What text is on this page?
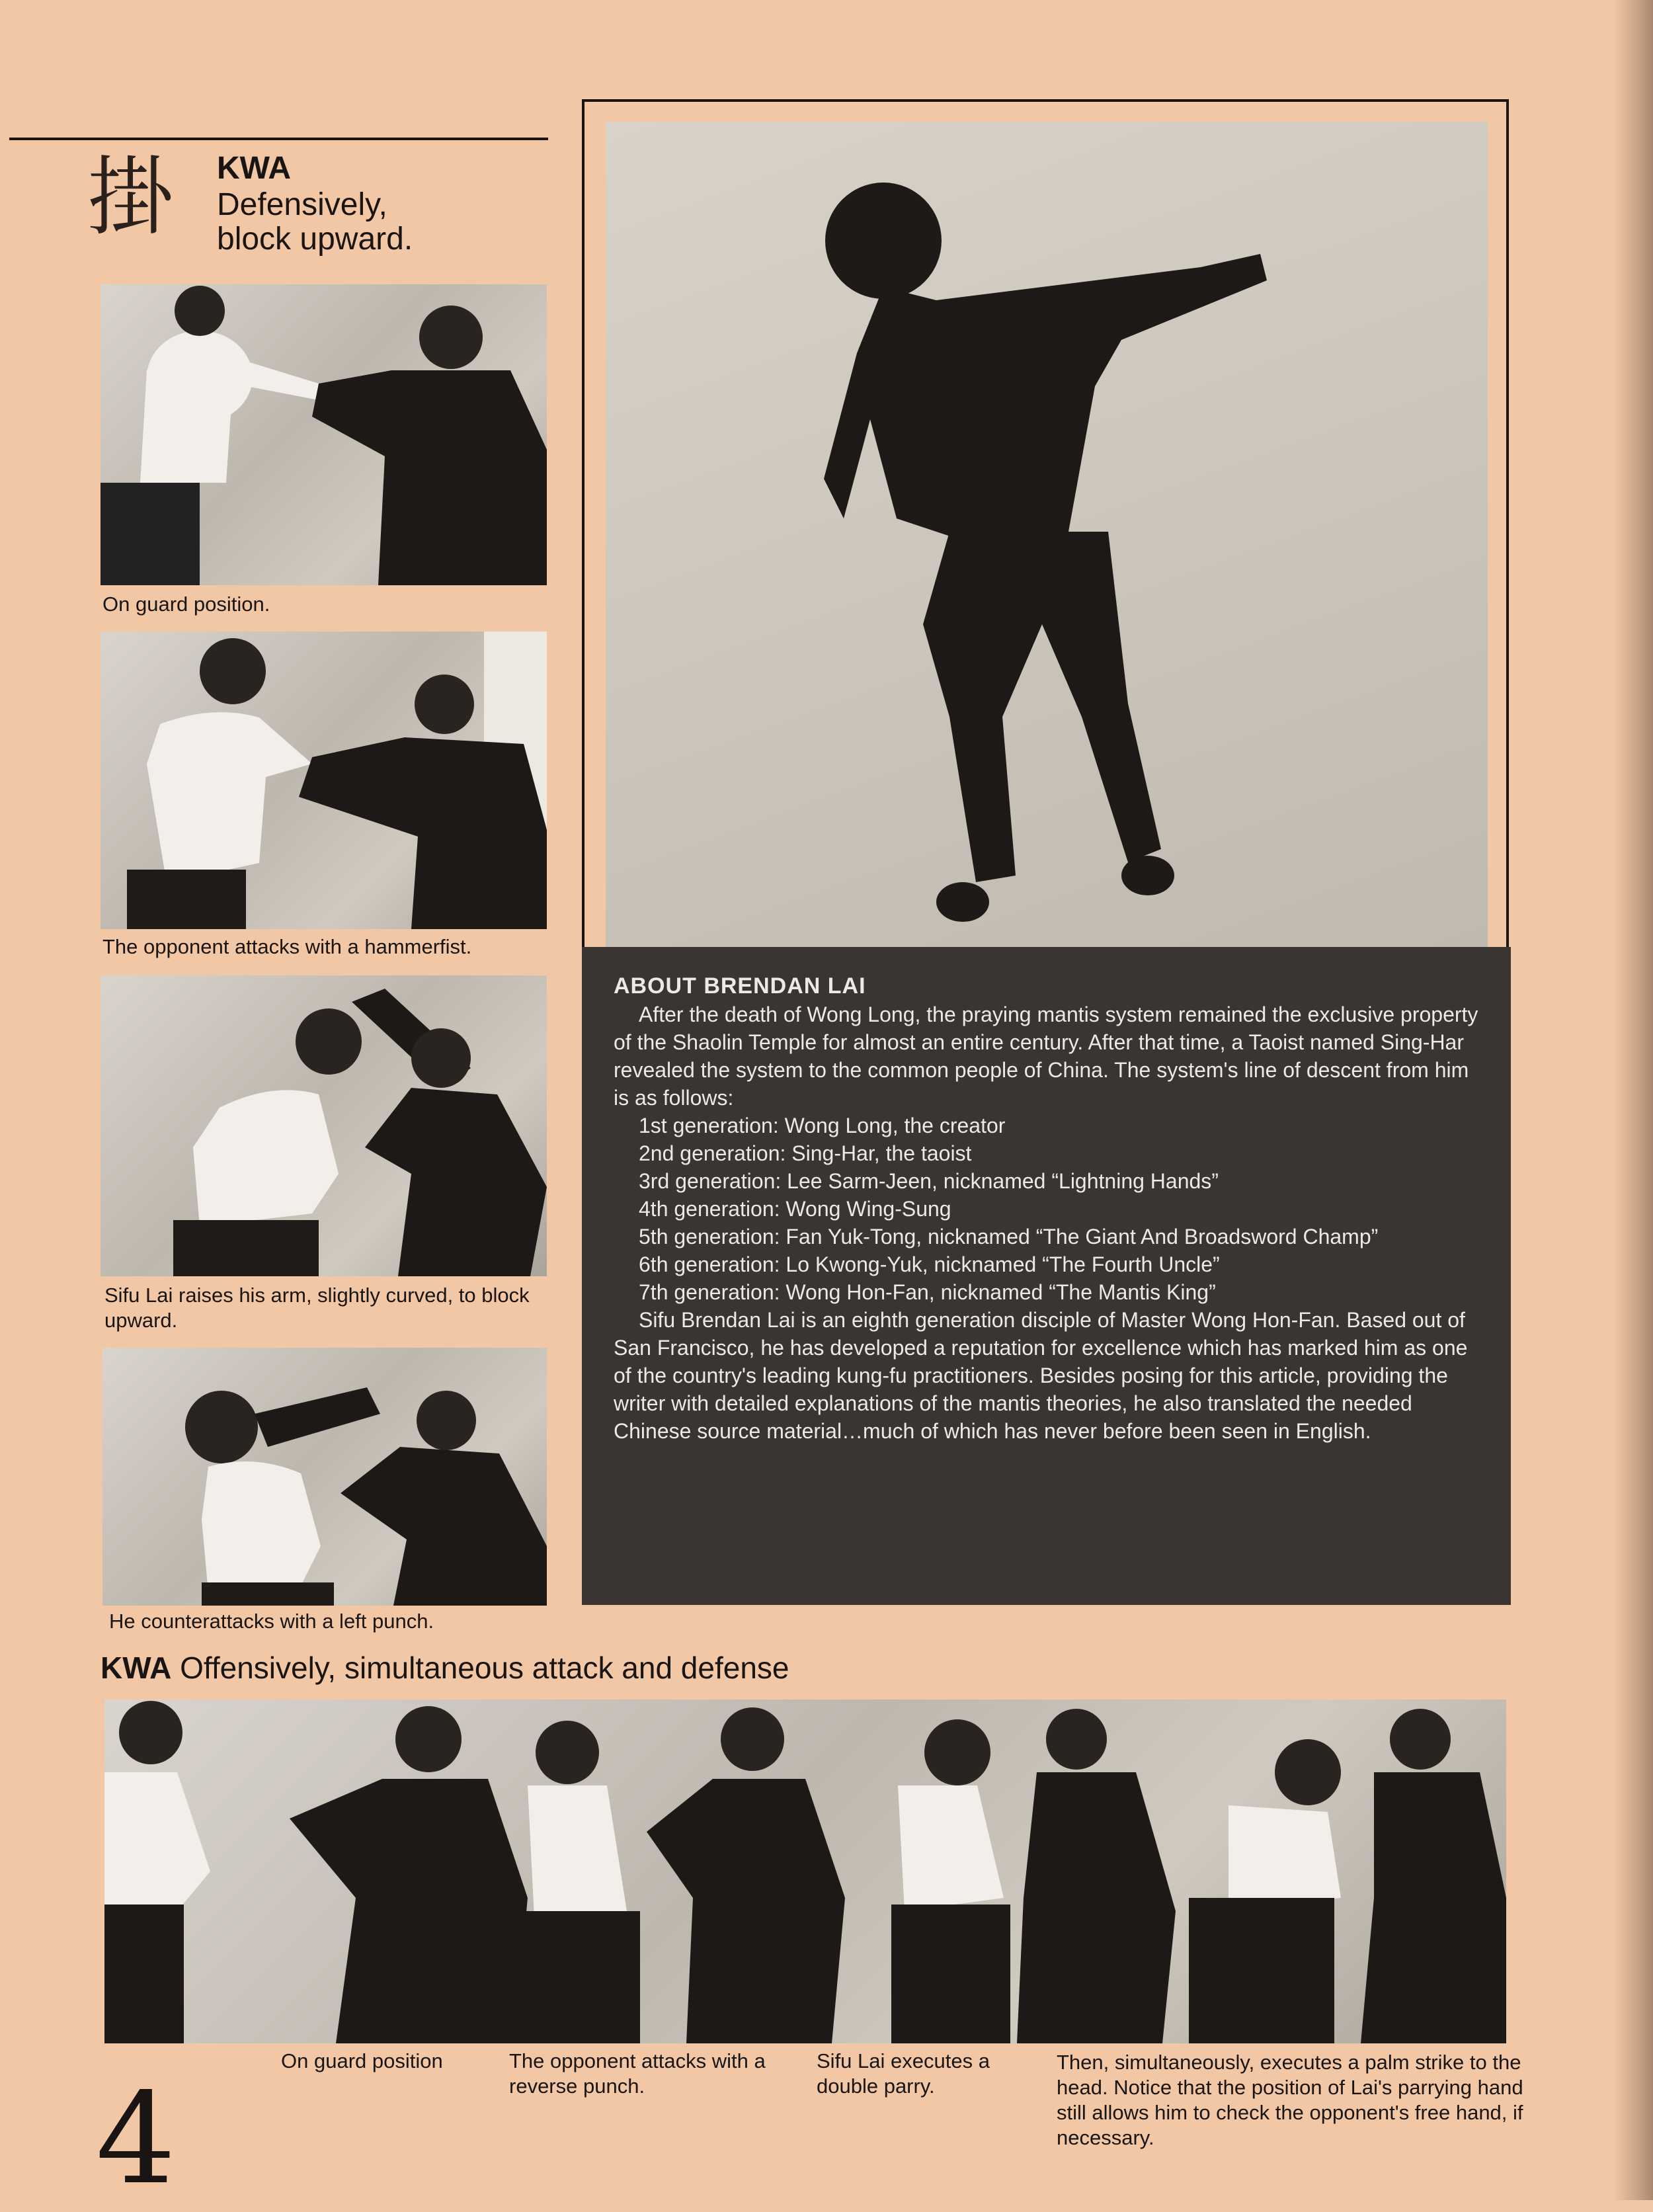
掛 KWA
Defensively,
block upward.
On guard position.
The opponent attacks with a hammerfist.
Sifu Lai raises his arm, slightly curved, to block upward.
He counterattacks with a left punch.
ABOUT BRENDAN LAI

After the death of Wong Long, the praying mantis system remained the exclusive property of the Shaolin Temple for almost an entire century. After that time, a Taoist named Sing-Har revealed the system to the common people of China. The system's line of descent from him is as follows:

1st generation: Wong Long, the creator

2nd generation: Sing-Har, the taoist

3rd generation: Lee Sarm-Jeen, nicknamed “Lightning Hands”

4th generation: Wong Wing-Sung

5th generation: Fan Yuk-Tong, nicknamed “The Giant And Broadsword Champ”

6th generation: Lo Kwong-Yuk, nicknamed “The Fourth Uncle”

7th generation: Wong Hon-Fan, nicknamed “The Mantis King”

Sifu Brendan Lai is an eighth generation disciple of Master Wong Hon-Fan. Based out of San Francisco, he has developed a reputation for excellence which has marked him as one of the country's leading kung-fu practitioners. Besides posing for this article, providing the writer with detailed explanations of the mantis theories, he also translated the needed Chinese source material…much of which has never before been seen in English.

KWA Offensively, simultaneous attack and defense
On guard position	The opponent attacks with a reverse punch.
Sifu Lai executes a double parry.
Then, simultaneously, executes a palm strike to the head. Notice that the position of Lai's parrying hand still allows him to check the opponent's free hand, if necessary.
4
